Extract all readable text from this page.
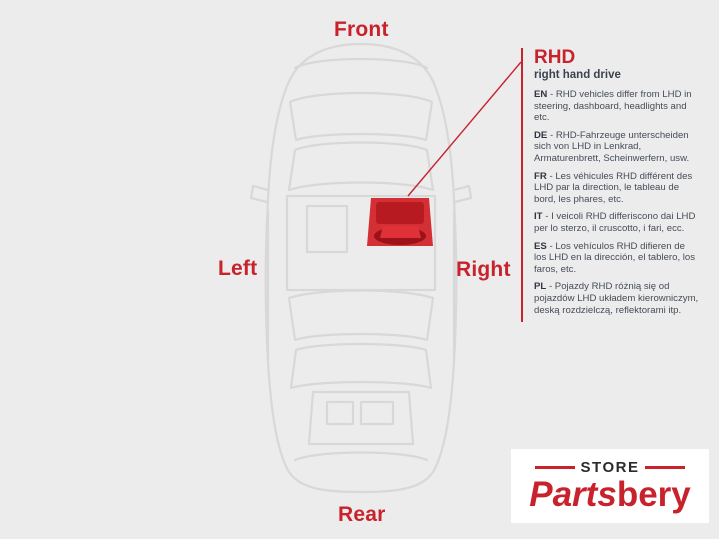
Front
Rear
Left	Right
RHD
right hand drive
EN - RHD vehicles differ from LHD in steering, dashboard, headlights and etc.
DE - RHD-Fahrzeuge unterscheiden sich von LHD in Lenkrad, Armaturenbrett, Scheinwerfern, usw.
FR - Les véhicules RHD différent des LHD par la direction, le tableau de bord, les phares, etc.
IT - I veicoli RHD differiscono dai LHD per lo sterzo, il cruscotto, i fari, ecc.
ES - Los vehículos RHD difieren de los LHD en la dirección, el tablero, los faros, etc.
PL - Pojazdy RHD różnią się od pojazdów LHD układem kierowniczym, deską rozdzielczą, reflektorami itp.
STORE
Partsbery
